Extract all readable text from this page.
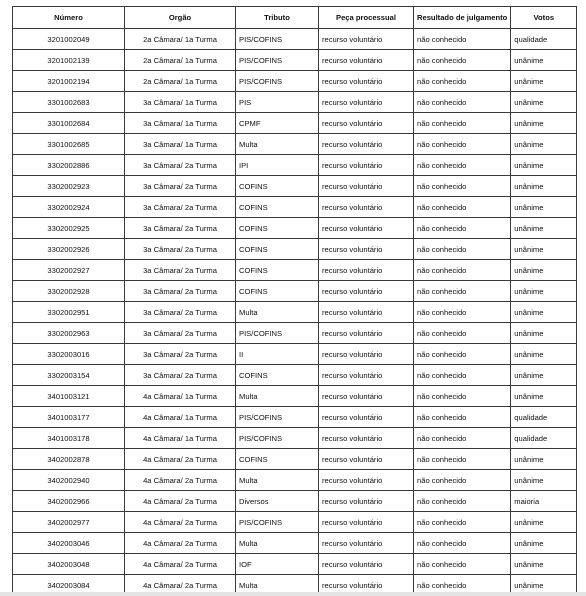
Número	Orgão	Tributo	Peça processual	Resultado de julgamento	Votos
3201002049	2a Câmara/ 1a Turma	PIS/COFINS	recurso voluntário	não conhecido	qualidade
3201002139	2a Câmara/ 1a Turma	PIS/COFINS	recurso voluntário	não conhecido	unânime
3201002194	2a Câmara/ 1a Turma	PIS/COFINS	recurso voluntário	não conhecido	unânime
3301002683	3a Câmara/ 1a Turma	PIS	recurso voluntário	não conhecido	unânime
3301002684	3a Câmara/ 1a Turma	CPMF	recurso voluntário	não conhecido	unânime
3301002685	3a Câmara/ 1a Turma	Multa	recurso voluntário	não conhecido	unânime
3302002886	3a Câmara/ 2a Turma	IPI	recurso voluntário	não conhecido	unânime
3302002923	3a Câmara/ 2a Turma	COFINS	recurso voluntário	não conhecido	unânime
3302002924	3a Câmara/ 2a Turma	COFINS	recurso voluntário	não conhecido	unânime
3302002925	3a Câmara/ 2a Turma	COFINS	recurso voluntário	não conhecido	unânime
3302002926	3a Câmara/ 2a Turma	COFINS	recurso voluntário	não conhecido	unânime
3302002927	3a Câmara/ 2a Turma	COFINS	recurso voluntário	não conhecido	unânime
3302002928	3a Câmara/ 2a Turma	COFINS	recurso voluntário	não conhecido	unânime
3302002951	3a Câmara/ 2a Turma	Multa	recurso voluntário	não conhecido	unânime
3302002963	3a Câmara/ 2a Turma	PIS/COFINS	recurso voluntário	não conhecido	unânime
3302003016	3a Câmara/ 2a Turma	II	recurso voluntário	não conhecido	unânime
3302003154	3a Câmara/ 2a Turma	COFINS	recurso voluntário	não conhecido	unânime
3401003121	4a Câmara/ 1a Turma	Multa	recurso voluntário	não conhecido	unânime
3401003177	4a Câmara/ 1a Turma	PIS/COFINS	recurso voluntário	não conhecido	qualidade
3401003178	4a Câmara/ 1a Turma	PIS/COFINS	recurso voluntário	não conhecido	qualidade
3402002878	4a Câmara/ 2a Turma	COFINS	recurso voluntário	não conhecido	unânime
3402002940	4a Câmara/ 2a Turma	Multa	recurso voluntário	não conhecido	unânime
3402002966	4a Câmara/ 2a Turma	Diversos	recurso voluntário	não conhecido	maioria
3402002977	4a Câmara/ 2a Turma	PIS/COFINS	recurso voluntário	não conhecido	unânime
3402003046	4a Câmara/ 2a Turma	Multa	recurso voluntário	não conhecido	unânime
3402003048	4a Câmara/ 2a Turma	IOF	recurso voluntário	não conhecido	unânime
3402003084	4a Câmara/ 2a Turma	Multa	recurso voluntário	não conhecido	unânime
